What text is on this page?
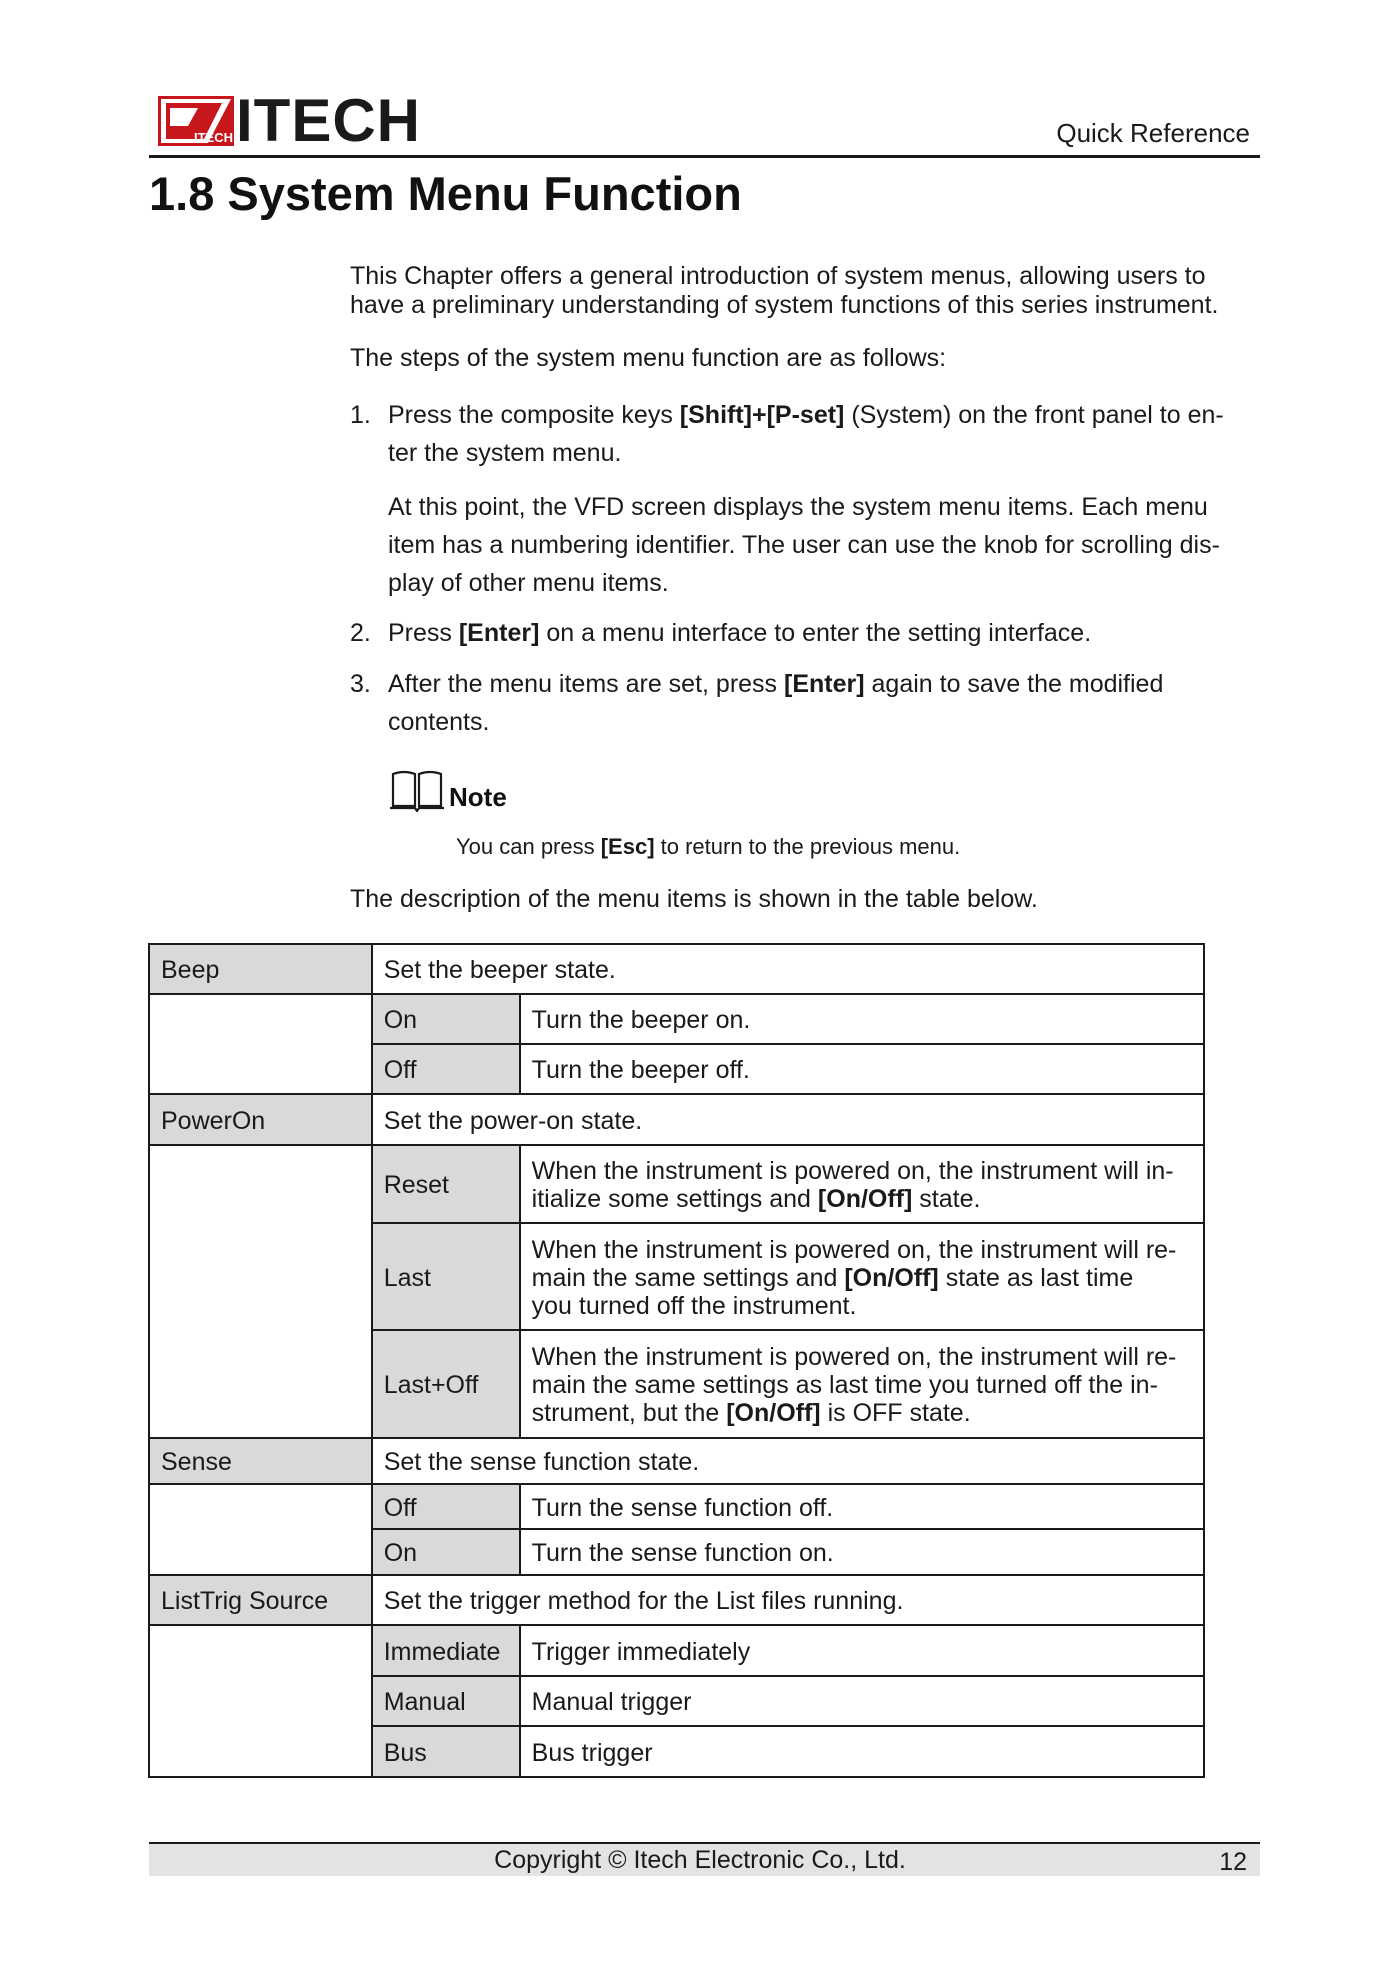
ITECH ITECH	Quick Reference
1.8 System Menu Function

This Chapter offers a general introduction of system menus, allowing users to

have a preliminary understanding of system functions of this series instrument.

The steps of the system menu function are as follows:
1. Press the composite keys [Shift]+[P-set] (System) on the front panel to en-
ter the system menu.
At this point, the VFD screen displays the system menu items. Each menu
item has a numbering identifier. The user can use the knob for scrolling dis-
play of other menu items.
2. Press [Enter] on a menu interface to enter the setting interface.
3. After the menu items are set, press [Enter] again to save the modified
contents.
Note
You can press [Esc] to return to the previous menu.
The description of the menu items is shown in the table below.
Beep	Set the beeper state.	
	On	Turn the beeper on.
	Off	Turn the beeper off.
PowerOn	Set the power-on state.	
	Reset	When the instrument is powered on, the instrument will in-
itialize some settings and [On/Off] state.

	Last	When the instrument is powered on, the instrument will re-
main the same settings and [On/Off] state as last time
you turned off the instrument.

	Last+Off	When the instrument is powered on, the instrument will re-
main the same settings as last time you turned off the in-
strument, but the [On/Off] is OFF state.

Sense	Set the sense function state.	
	Off	Turn the sense function off.
	On	Turn the sense function on.
ListTrig Source	Set the trigger method for the List files running.	
	Immediate	Trigger immediately
	Manual	Manual trigger
	Bus	Bus trigger
Copyright © Itech Electronic Co., Ltd.	12
